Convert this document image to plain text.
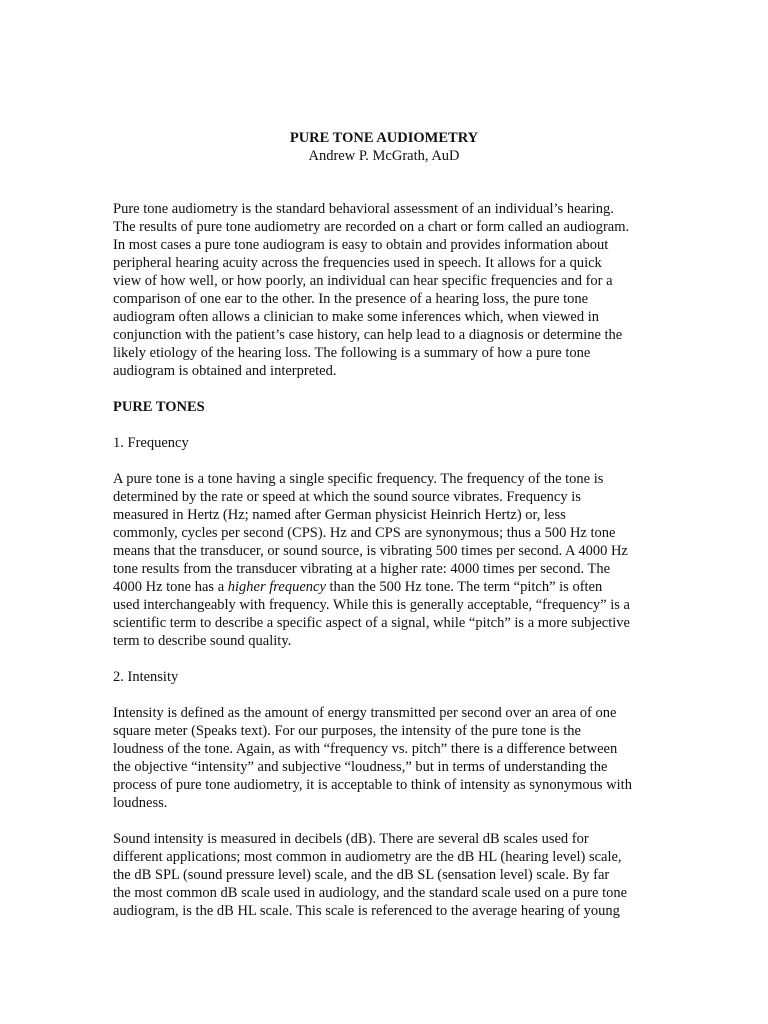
PURE TONE AUDIOMETRY
Andrew P. McGrath, AuD

Pure tone audiometry is the standard behavioral assessment of an individual’s hearing.
The results of pure tone audiometry are recorded on a chart or form called an audiogram.
In most cases a pure tone audiogram is easy to obtain and provides information about
peripheral hearing acuity across the frequencies used in speech. It allows for a quick
view of how well, or how poorly, an individual can hear specific frequencies and for a
comparison of one ear to the other. In the presence of a hearing loss, the pure tone
audiogram often allows a clinician to make some inferences which, when viewed in
conjunction with the patient’s case history, can help lead to a diagnosis or determine the
likely etiology of the hearing loss. The following is a summary of how a pure tone
audiogram is obtained and interpreted.

PURE TONES

1. Frequency

A pure tone is a tone having a single specific frequency. The frequency of the tone is
determined by the rate or speed at which the sound source vibrates. Frequency is
measured in Hertz (Hz; named after German physicist Heinrich Hertz) or, less
commonly, cycles per second (CPS). Hz and CPS are synonymous; thus a 500 Hz tone
means that the transducer, or sound source, is vibrating 500 times per second. A 4000 Hz
tone results from the transducer vibrating at a higher rate: 4000 times per second. The
4000 Hz tone has a higher frequency than the 500 Hz tone. The term “pitch” is often
used interchangeably with frequency. While this is generally acceptable, “frequency” is a
scientific term to describe a specific aspect of a signal, while “pitch” is a more subjective
term to describe sound quality.

2. Intensity

Intensity is defined as the amount of energy transmitted per second over an area of one
square meter (Speaks text). For our purposes, the intensity of the pure tone is the
loudness of the tone. Again, as with “frequency vs. pitch” there is a difference between
the objective “intensity” and subjective “loudness,” but in terms of understanding the
process of pure tone audiometry, it is acceptable to think of intensity as synonymous with
loudness.

Sound intensity is measured in decibels (dB). There are several dB scales used for
different applications; most common in audiometry are the dB HL (hearing level) scale,
the dB SPL (sound pressure level) scale, and the dB SL (sensation level) scale. By far
the most common dB scale used in audiology, and the standard scale used on a pure tone
audiogram, is the dB HL scale. This scale is referenced to the average hearing of young
